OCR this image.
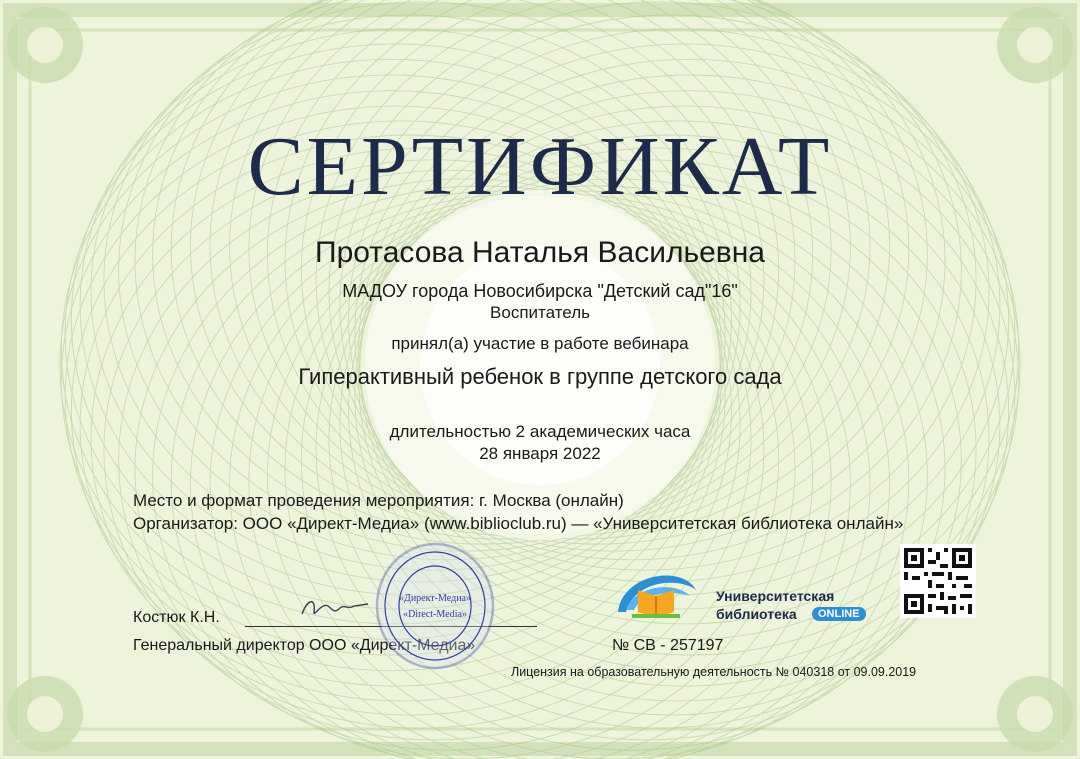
СЕРТИФИКАТ
Протасова Наталья Васильевна
МАДОУ города Новосибирска "Детский сад"16"
Воспитатель
принял(а) участие в работе вебинара
Гиперактивный ребенок в группе детского сада
длительностью 2 академических часа
28 января 2022
Место и формат проведения мероприятия: г. Москва (онлайн)
Организатор: ООО «Директ-Медиа» (www.biblioclub.ru) — «Университетская библиотека онлайн»
Костюк К.Н.
Генеральный директор ООО «Директ-Медиа»	№ СВ - 257197
Лицензия на образовательную деятельность № 040318 от 09.09.2019
«Директ-Медиа»
«Direct-Media»
Университетская
библиотека	ONLINE
